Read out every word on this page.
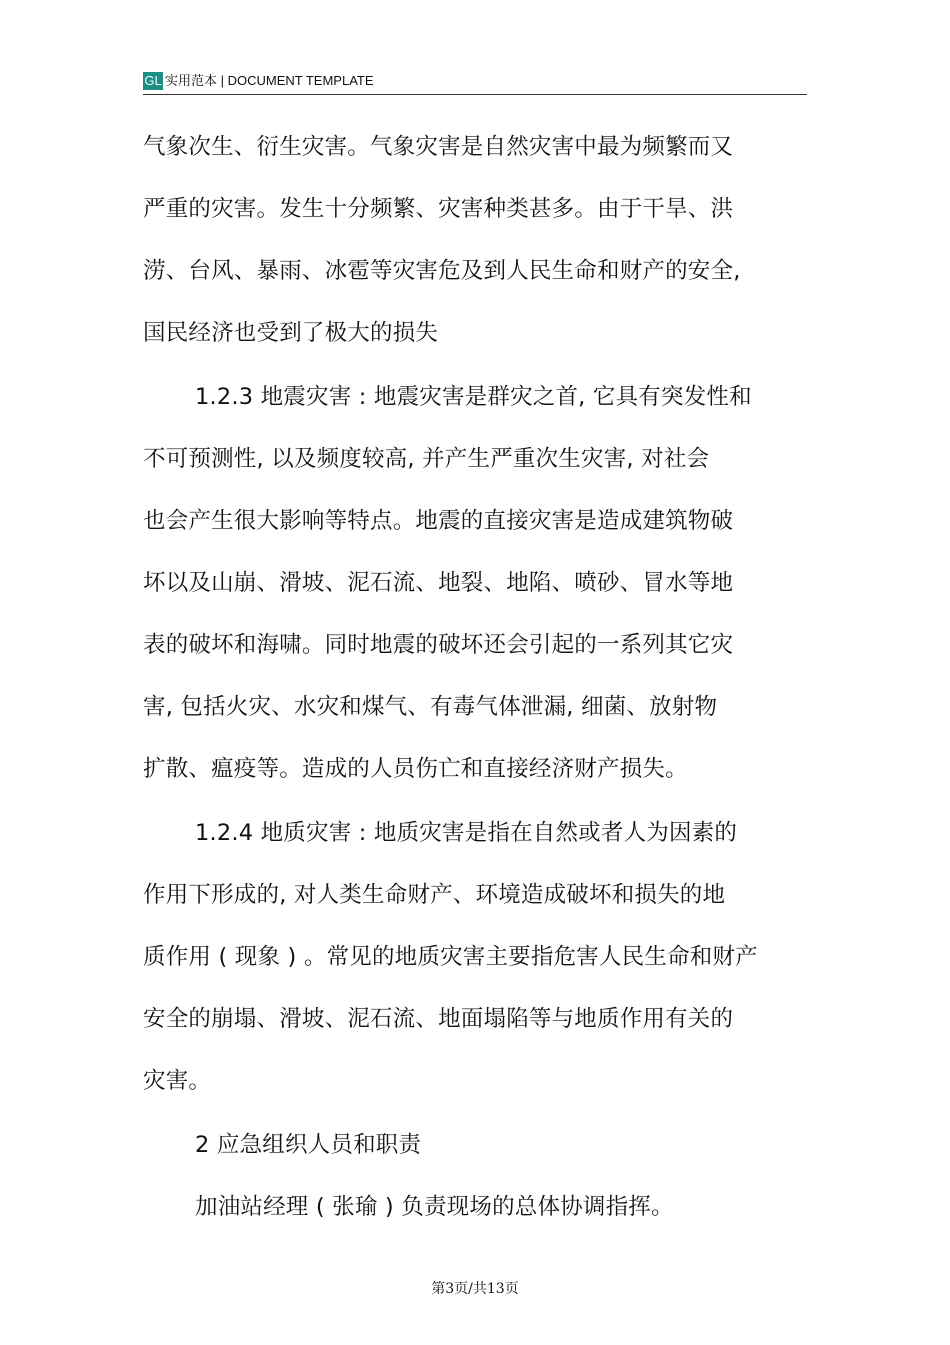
GL 实用范本 | DOCUMENT TEMPLATE
气象次生、衍生灾害。气象灾害是自然灾害中最为频繁而又
严重的灾害。发生十分频繁、灾害种类甚多。由于干旱、洪
涝、台风、暴雨、冰雹等灾害危及到人民生命和财产的安全,
国民经济也受到了极大的损失
1.2.3 地震灾害 : 地震灾害是群灾之首, 它具有突发性和
不可预测性, 以及频度较高, 并产生严重次生灾害, 对社会
也会产生很大影响等特点。地震的直接灾害是造成建筑物破
坏以及山崩、滑坡、泥石流、地裂、地陷、喷砂、冒水等地
表的破坏和海啸。同时地震的破坏还会引起的一系列其它灾
害, 包括火灾、水灾和煤气、有毒气体泄漏, 细菌、放射物
扩散、瘟疫等。造成的人员伤亡和直接经济财产损失。
1.2.4 地质灾害 : 地质灾害是指在自然或者人为因素的
作用下形成的, 对人类生命财产、环境造成破坏和损失的地
质作用 ( 现象 ) 。常见的地质灾害主要指危害人民生命和财产
安全的崩塌、滑坡、泥石流、地面塌陷等与地质作用有关的
灾害。
2 应急组织人员和职责
加油站经理 ( 张瑜 ) 负责现场的总体协调指挥。
第3页/共13页
